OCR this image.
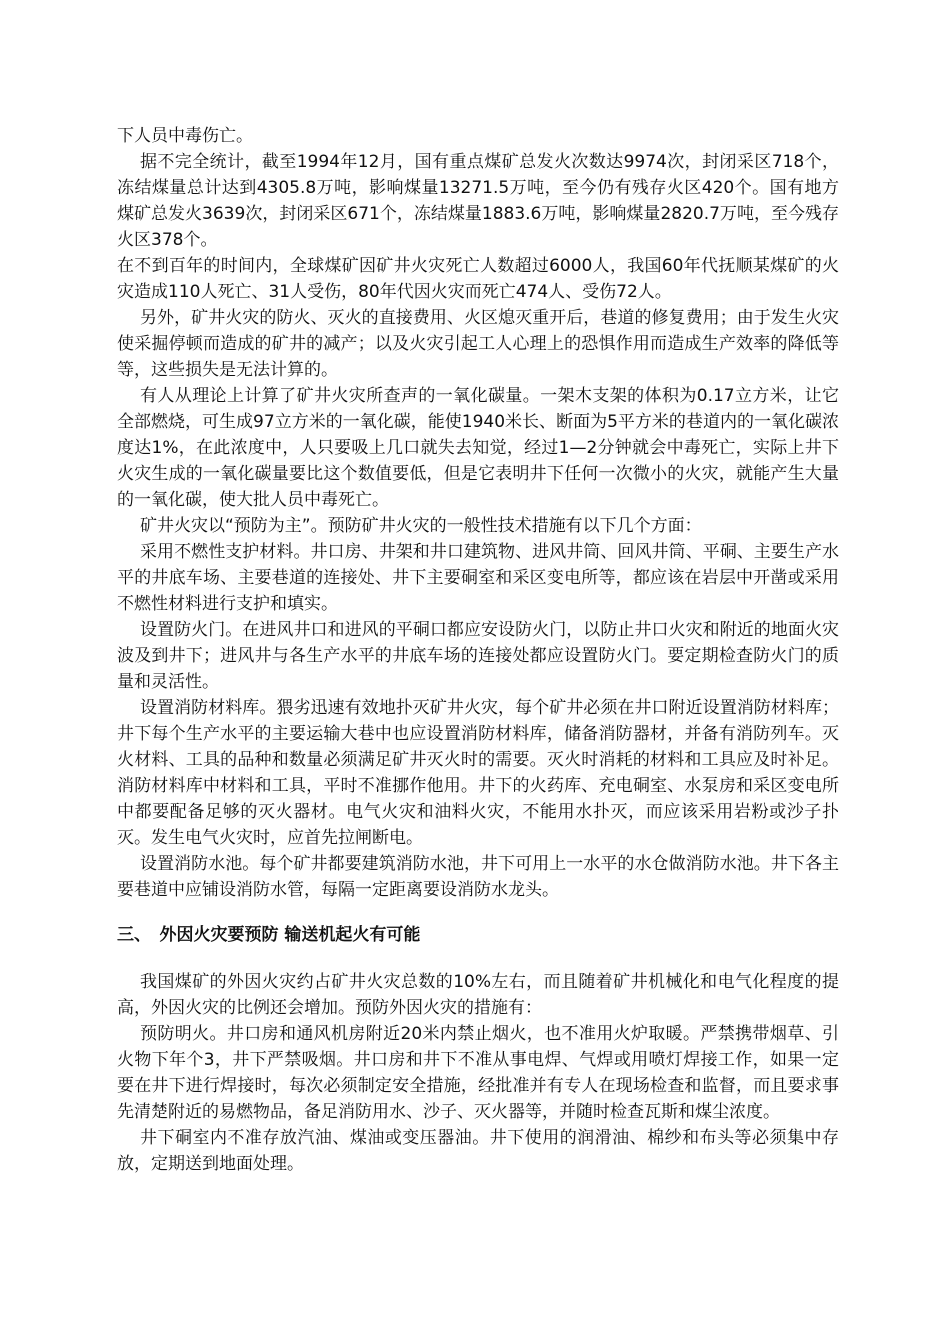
下人员中毒伤亡。

据不完全统计，截至1994年12月，国有重点煤矿总发火次数达9974次，封闭采区718个，冻结煤量总计达到4305.8万吨，影响煤量13271.5万吨，至今仍有残存火区420个。国有地方煤矿总发火3639次，封闭采区671个，冻结煤量1883.6万吨，影响煤量2820.7万吨，至今残存火区378个。

在不到百年的时间内，全球煤矿因矿井火灾死亡人数超过6000人，我国60年代抚顺某煤矿的火灾造成110人死亡、31人受伤，80年代因火灾而死亡474人、受伤72人。

另外，矿井火灾的防火、灭火的直接费用、火区熄灭重开后，巷道的修复费用；由于发生火灾使采掘停顿而造成的矿井的减产；以及火灾引起工人心理上的恐惧作用而造成生产效率的降低等等，这些损失是无法计算的。

有人从理论上计算了矿井火灾所查声的一氧化碳量。一架木支架的体积为0.17立方米，让它全部燃烧，可生成97立方米的一氧化碳，能使1940米长、断面为5平方米的巷道内的一氧化碳浓度达1%，在此浓度中，人只要吸上几口就失去知觉，经过1—2分钟就会中毒死亡，实际上井下火灾生成的一氧化碳量要比这个数值要低，但是它表明井下任何一次微小的火灾，就能产生大量的一氧化碳，使大批人员中毒死亡。

矿井火灾以“预防为主”。预防矿井火灾的一般性技术措施有以下几个方面：

采用不燃性支护材料。井口房、井架和井口建筑物、进风井筒、回风井筒、平硐、主要生产水平的井底车场、主要巷道的连接处、井下主要硐室和采区变电所等，都应该在岩层中开凿或采用不燃性材料进行支护和填实。

设置防火门。在进风井口和进风的平硐口都应安设防火门，以防止井口火灾和附近的地面火灾波及到井下；进风井与各生产水平的井底车场的连接处都应设置防火门。要定期检查防火门的质量和灵活性。

设置消防材料库。猥劣迅速有效地扑灭矿井火灾，每个矿井必须在井口附近设置消防材料库；井下每个生产水平的主要运输大巷中也应设置消防材料库，储备消防器材，并备有消防列车。灭火材料、工具的品种和数量必须满足矿井灭火时的需要。灭火时消耗的材料和工具应及时补足。消防材料库中材料和工具，平时不准挪作他用。井下的火药库、充电硐室、水泵房和采区变电所中都要配备足够的灭火器材。电气火灾和油料火灾，不能用水扑灭，而应该采用岩粉或沙子扑灭。发生电气火灾时，应首先拉闸断电。

设置消防水池。每个矿井都要建筑消防水池，井下可用上一水平的水仓做消防水池。井下各主要巷道中应铺设消防水管，每隔一定距离要设消防水龙头。

三、　外因火灾要预防 输送机起火有可能

我国煤矿的外因火灾约占矿井火灾总数的10%左右，而且随着矿井机械化和电气化程度的提高，外因火灾的比例还会增加。预防外因火灾的措施有：

预防明火。井口房和通风机房附近20米内禁止烟火，也不准用火炉取暖。严禁携带烟草、引火物下年个3，井下严禁吸烟。井口房和井下不准从事电焊、气焊或用喷灯焊接工作，如果一定要在井下进行焊接时，每次必须制定安全措施，经批准并有专人在现场检查和监督，而且要求事先清楚附近的易燃物品，备足消防用水、沙子、灭火器等，并随时检查瓦斯和煤尘浓度。

井下硐室内不准存放汽油、煤油或变压器油。井下使用的润滑油、棉纱和布头等必须集中存放，定期送到地面处理。
